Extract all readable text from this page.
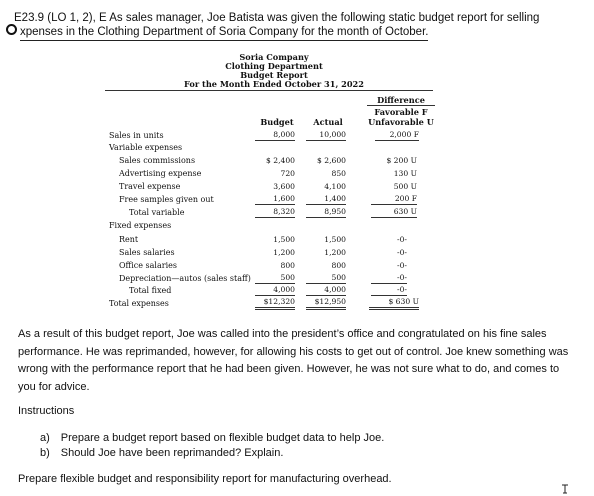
E23.9 (LO 1, 2), E As sales manager, Joe Batista was given the following static budget report for selling
xpenses in the Clothing Department of Soria Company for the month of October.
Soria Company
Clothing Department
Budget Report
For the Month Ended October 31, 2022
Difference
Favorable F
Unfavorable U
Budget	Actual
Sales in units	8,000	10,000	2,000 F
Variable expenses
Sales commissions	$ 2,400	$ 2,600	$ 200 U
Advertising expense	720	850	130 U
Travel expense	3,600	4,100	500 U
Free samples given out	1,600	1,400	200 F
Total variable	8,320	8,950	630 U
Fixed expenses
Rent	1,500	1,500	-0-
Sales salaries	1,200	1,200	-0-
Office salaries	800	800	-0-
Depreciation—autos (sales staff)	500	500	-0-
Total fixed	4,000	4,000	-0-
Total expenses	$12,320	$12,950	$ 630 U
As a result of this budget report, Joe was called into the president’s office and congratulated on his fine sales performance. He was reprimanded, however, for allowing his costs to get out of control. Joe knew something was wrong with the performance report that he had been given. However, he was not sure what to do, and comes to you for advice.
Instructions
a) Prepare a budget report based on flexible budget data to help Joe.
b) Should Joe have been reprimanded? Explain.
Prepare flexible budget and responsibility report for manufacturing overhead.
